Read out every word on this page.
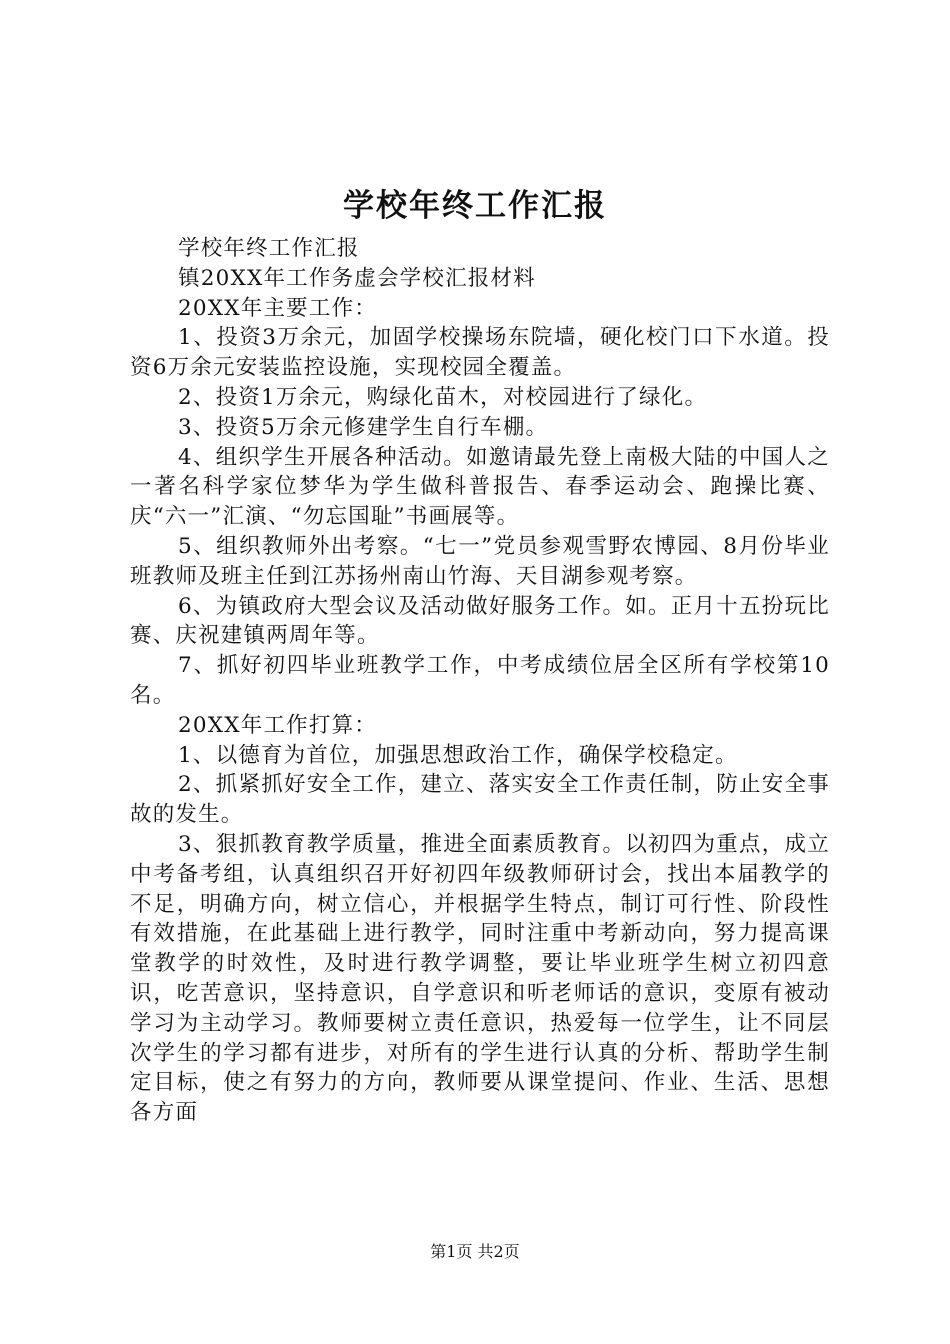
学校年终工作汇报

学校年终工作汇报

镇20XX年工作务虚会学校汇报材料

20XX年主要工作：

1、投资3万余元，加固学校操场东院墙，硬化校门口下水道。投资6万余元安装监控设施，实现校园全覆盖。

2、投资1万余元，购绿化苗木，对校园进行了绿化。

3、投资5万余元修建学生自行车棚。

4、组织学生开展各种活动。如邀请最先登上南极大陆的中国人之一著名科学家位梦华为学生做科普报告、春季运动会、跑操比赛、庆“六一”汇演、“勿忘国耻”书画展等。

5、组织教师外出考察。“七一”党员参观雪野农博园、8月份毕业班教师及班主任到江苏扬州南山竹海、天目湖参观考察。

6、为镇政府大型会议及活动做好服务工作。如。正月十五扮玩比赛、庆祝建镇两周年等。

7、抓好初四毕业班教学工作，中考成绩位居全区所有学校第10名。

20XX年工作打算：

1、以德育为首位，加强思想政治工作，确保学校稳定。

2、抓紧抓好安全工作，建立、落实安全工作责任制，防止安全事故的发生。

3、狠抓教育教学质量，推进全面素质教育。以初四为重点，成立中考备考组，认真组织召开好初四年级教师研讨会，找出本届教学的不足，明确方向，树立信心，并根据学生特点，制订可行性、阶段性有效措施，在此基础上进行教学，同时注重中考新动向，努力提高课堂教学的时效性，及时进行教学调整，要让毕业班学生树立初四意识，吃苦意识，坚持意识，自学意识和听老师话的意识，变原有被动学习为主动学习。教师要树立责任意识，热爱每一位学生，让不同层次学生的学习都有进步，对所有的学生进行认真的分析、帮助学生制定目标，使之有努力的方向，教师要从课堂提问、作业、生活、思想各方面

第1页 共2页
